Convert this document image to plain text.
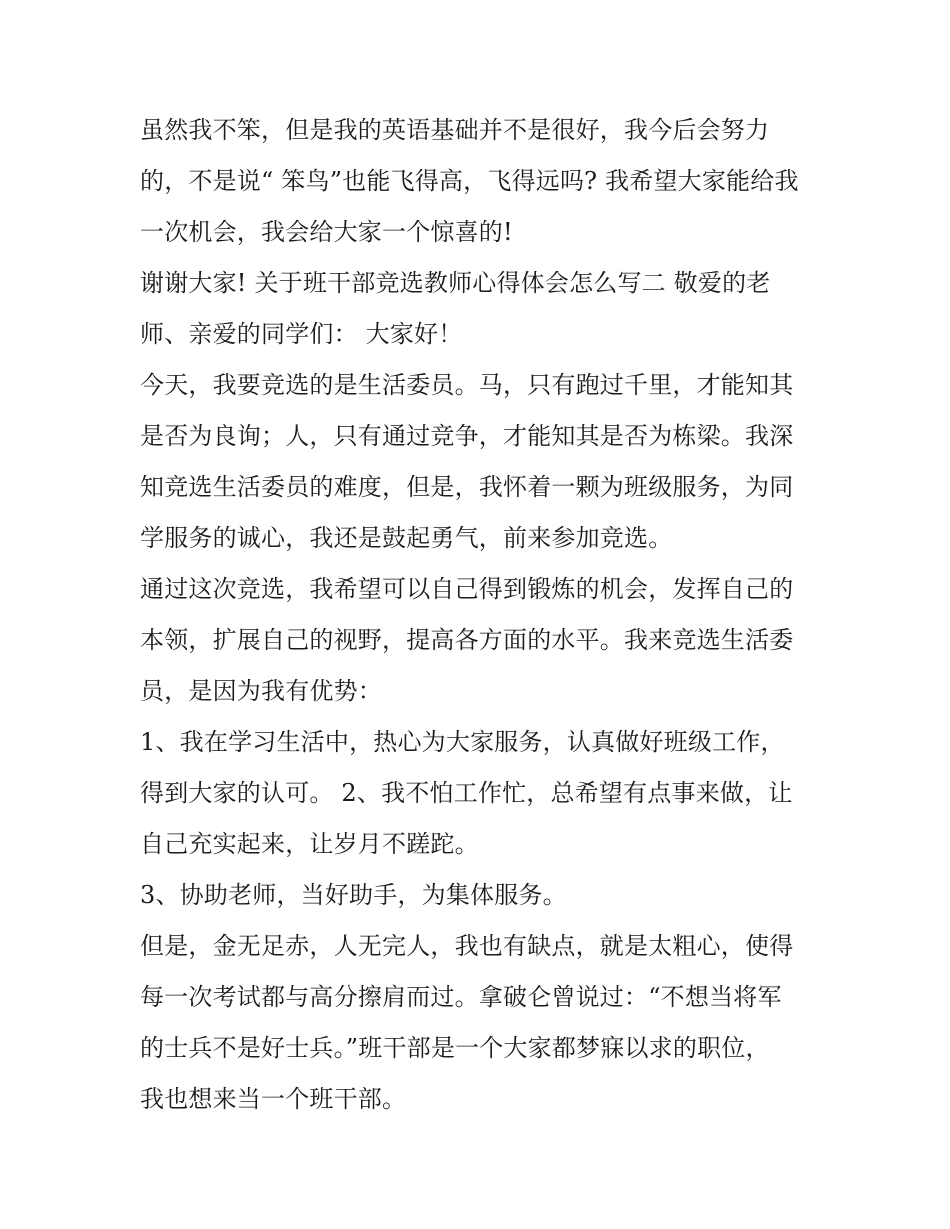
虽然我不笨，但是我的英语基础并不是很好，我今后会努力
的，不是说“ 笨鸟”也能飞得高，飞得远吗? 我希望大家能给我
一次机会，我会给大家一个惊喜的!
谢谢大家! 关于班干部竞选教师心得体会怎么写二 敬爱的老
师、亲爱的同学们： 大家好！
今天，我要竞选的是生活委员。马，只有跑过千里，才能知其
是否为良询；人，只有通过竞争，才能知其是否为栋梁。我深
知竞选生活委员的难度，但是，我怀着一颗为班级服务，为同
学服务的诚心，我还是鼓起勇气，前来参加竞选。
通过这次竞选，我希望可以自己得到锻炼的机会，发挥自己的
本领，扩展自己的视野，提高各方面的水平。我来竞选生活委
员，是因为我有优势：
1、我在学习生活中，热心为大家服务，认真做好班级工作，
得到大家的认可。 2、我不怕工作忙，总希望有点事来做，让
自己充实起来，让岁月不蹉跎。
3、协助老师，当好助手，为集体服务。
但是，金无足赤，人无完人，我也有缺点，就是太粗心，使得
每一次考试都与高分擦肩而过。拿破仑曾说过：“不想当将军
的士兵不是好士兵。”班干部是一个大家都梦寐以求的职位，
我也想来当一个班干部。
